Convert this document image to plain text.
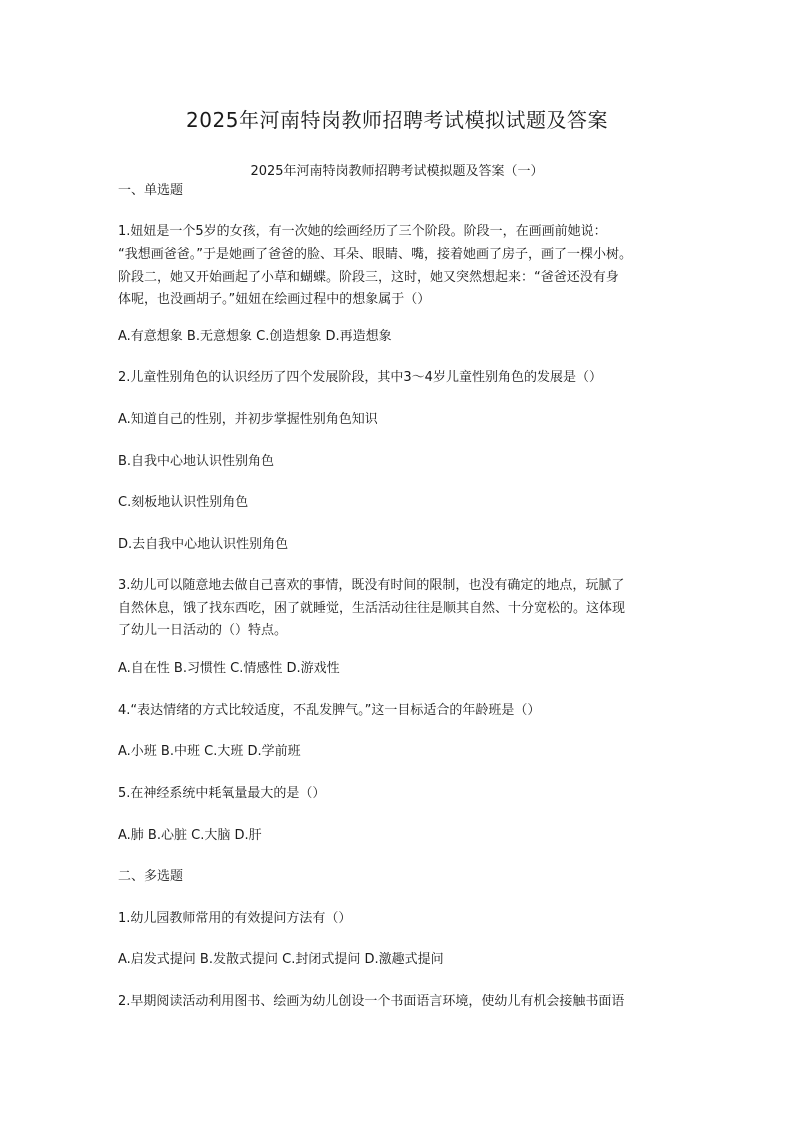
2025年河南特岗教师招聘考试模拟试题及答案
2025年河南特岗教师招聘考试模拟题及答案（一）

一、单选题

1.妞妞是一个5岁的女孩，有一次她的绘画经历了三个阶段。阶段一，在画画前她说：

“我想画爸爸。”于是她画了爸爸的脸、耳朵、眼睛、嘴，接着她画了房子，画了一棵小树。

阶段二，她又开始画起了小草和蝴蝶。阶段三，这时，她又突然想起来：“爸爸还没有身

体呢，也没画胡子。”妞妞在绘画过程中的想象属于（）

A.有意想象 B.无意想象 C.创造想象 D.再造想象

2.儿童性别角色的认识经历了四个发展阶段，其中3～4岁儿童性别角色的发展是（）

A.知道自己的性别，并初步掌握性别角色知识

B.自我中心地认识性别角色

C.刻板地认识性别角色

D.去自我中心地认识性别角色

3.幼儿可以随意地去做自己喜欢的事情，既没有时间的限制，也没有确定的地点，玩腻了

自然休息，饿了找东西吃，困了就睡觉，生活活动往往是顺其自然、十分宽松的。这体现

了幼儿一日活动的（）特点。

A.自在性 B.习惯性 C.情感性 D.游戏性

4.“表达情绪的方式比较适度，不乱发脾气。”这一目标适合的年龄班是（）

A.小班 B.中班 C.大班 D.学前班

5.在神经系统中耗氧量最大的是（）

A.肺 B.心脏 C.大脑 D.肝

二、多选题

1.幼儿园教师常用的有效提问方法有（）

A.启发式提问 B.发散式提问 C.封闭式提问 D.激趣式提问

2.早期阅读活动利用图书、绘画为幼儿创设一个书面语言环境，使幼儿有机会接触书面语
